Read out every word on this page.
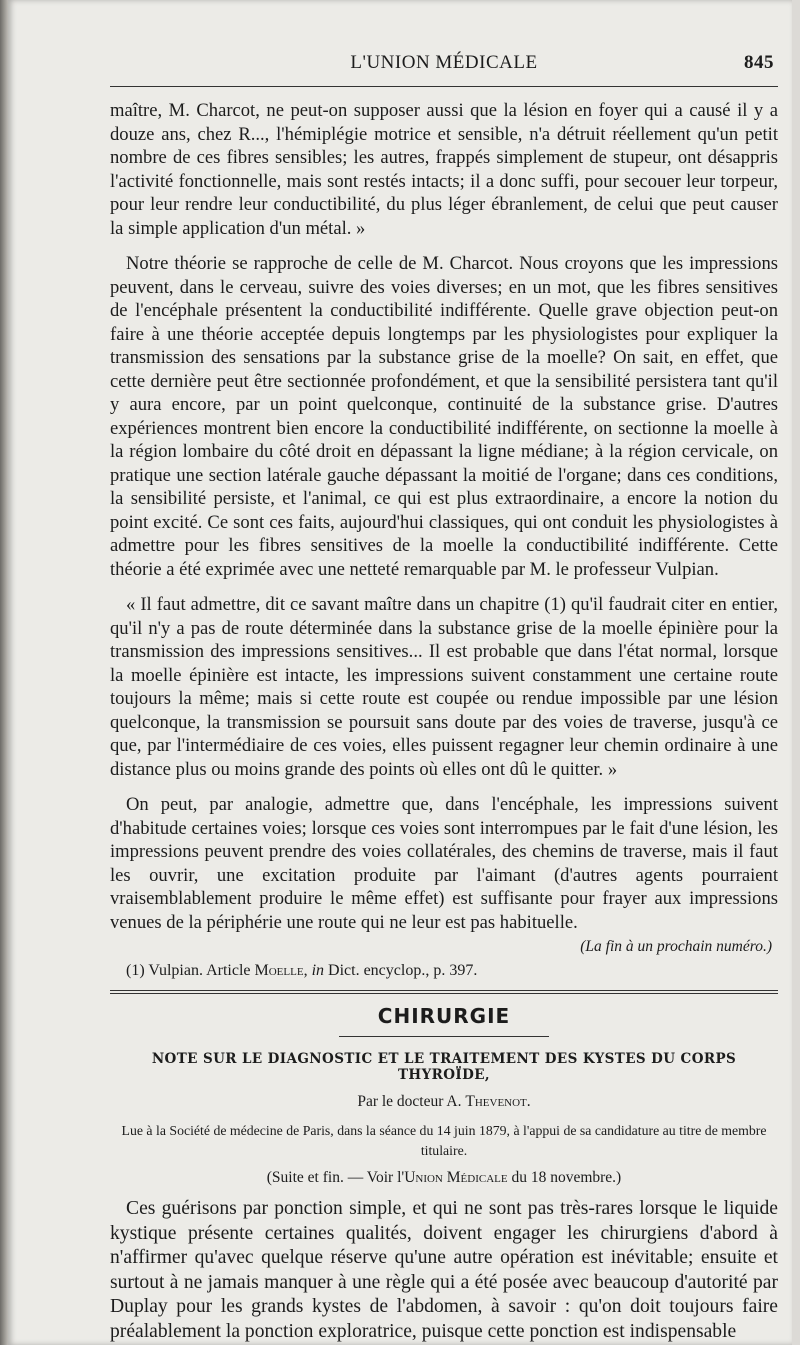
L'UNION MÉDICALE	845

maître, M. Charcot, ne peut-on supposer aussi que la lésion en foyer qui a causé il y a douze ans, chez R..., l'hémiplégie motrice et sensible, n'a détruit réellement qu'un petit nombre de ces fibres sensibles; les autres, frappés simplement de stupeur, ont désappris l'activité fonctionnelle, mais sont restés intacts; il a donc suffi, pour secouer leur torpeur, pour leur rendre leur conductibilité, du plus léger ébranlement, de celui que peut causer la simple application d'un métal. »

Notre théorie se rapproche de celle de M. Charcot. Nous croyons que les impressions peuvent, dans le cerveau, suivre des voies diverses; en un mot, que les fibres sensitives de l'encéphale présentent la conductibilité indifférente. Quelle grave objection peut-on faire à une théorie acceptée depuis longtemps par les physiologistes pour expliquer la transmission des sensations par la substance grise de la moelle? On sait, en effet, que cette dernière peut être sectionnée profondément, et que la sensibilité persistera tant qu'il y aura encore, par un point quelconque, continuité de la substance grise. D'autres expériences montrent bien encore la conductibilité indifférente, on sectionne la moelle à la région lombaire du côté droit en dépassant la ligne médiane; à la région cervicale, on pratique une section latérale gauche dépassant la moitié de l'organe; dans ces conditions, la sensibilité persiste, et l'animal, ce qui est plus extraordinaire, a encore la notion du point excité. Ce sont ces faits, aujourd'hui classiques, qui ont conduit les physiologistes à admettre pour les fibres sensitives de la moelle la conductibilité indifférente. Cette théorie a été exprimée avec une netteté remarquable par M. le professeur Vulpian.

« Il faut admettre, dit ce savant maître dans un chapitre (1) qu'il faudrait citer en entier, qu'il n'y a pas de route déterminée dans la substance grise de la moelle épinière pour la transmission des impressions sensitives... Il est probable que dans l'état normal, lorsque la moelle épinière est intacte, les impressions suivent constamment une certaine route toujours la même; mais si cette route est coupée ou rendue impossible par une lésion quelconque, la transmission se poursuit sans doute par des voies de traverse, jusqu'à ce que, par l'intermédiaire de ces voies, elles puissent regagner leur chemin ordinaire à une distance plus ou moins grande des points où elles ont dû le quitter. »

On peut, par analogie, admettre que, dans l'encéphale, les impressions suivent d'habitude certaines voies; lorsque ces voies sont interrompues par le fait d'une lésion, les impressions peuvent prendre des voies collatérales, des chemins de traverse, mais il faut les ouvrir, une excitation produite par l'aimant (d'autres agents pourraient vraisemblablement produire le même effet) est suffisante pour frayer aux impressions venues de la périphérie une route qui ne leur est pas habituelle.

(La fin à un prochain numéro.)
(1) Vulpian. Article Moelle, in Dict. encyclop., p. 397.
CHIRURGIE
NOTE SUR LE DIAGNOSTIC ET LE TRAITEMENT DES KYSTES DU CORPS THYROÏDE,
Par le docteur A. Thevenot.
Lue à la Société de médecine de Paris, dans la séance du 14 juin 1879, à l'appui de sa candidature au titre de membre titulaire.
(Suite et fin. — Voir l'Union Médicale du 18 novembre.)

Ces guérisons par ponction simple, et qui ne sont pas très-rares lorsque le liquide kystique présente certaines qualités, doivent engager les chirurgiens d'abord à n'affirmer qu'avec quelque réserve qu'une autre opération est inévitable; ensuite et surtout à ne jamais manquer à une règle qui a été posée avec beaucoup d'autorité par Duplay pour les grands kystes de l'abdomen, à savoir : qu'on doit toujours faire préalablement la ponction exploratrice, puisque cette ponction est indispensable
